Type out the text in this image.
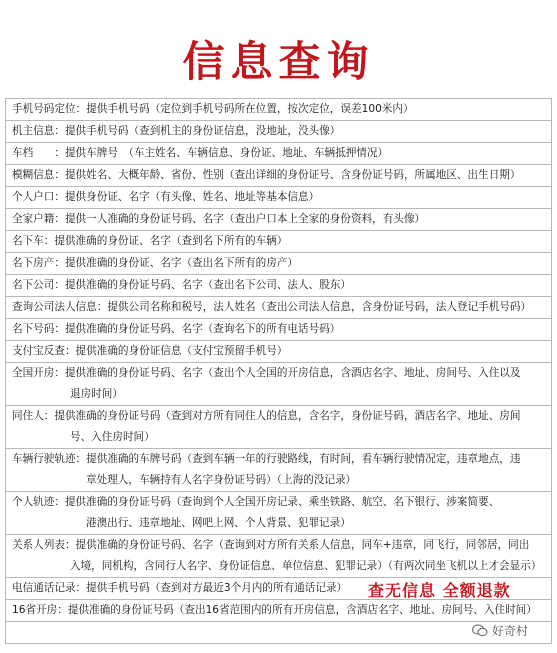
信息查询
手机号码定位：提供手机号码（定位到手机号码所在位置，按次定位，误差100米内）
机主信息：提供手机号码（查到机主的身份证信息，没地址，没头像）
车档　　：提供车牌号　（车主姓名、车辆信息、身份证、地址、车辆抵押情况）
模糊信息：提供姓名、大概年龄、省份、性别（查出详细的身份证号、含身份证号码，所属地区、出生日期）
个人户口：提供身份证、名字（有头像、姓名、地址等基本信息）
全家户籍：提供一人准确的身份证号码、名字（查出户口本上全家的身份资料，有头像）
名下车：提供准确的身份证、名字（查到名下所有的车辆）
名下房产：提供准确的身份证、名字（查出名下所有的房产）
名下公司：提供准确的身份证号码、名字（查出名下公司、法人、股东）
查询公司法人信息：提供公司名称和税号，法人姓名（查出公司法人信息，含身份证号码，法人登记手机号码）
名下号码：提供准确的身份证号码、名字（查询名下的所有电话号码）
支付宝反查：提供准确的身份证信息（支付宝预留手机号）
全国开房：提供准确的身份证号码、名字（查出个人全国的开房信息，含酒店名字、地址、房间号、入住以及

退房时间）
同住人：提供准确的身份证号码（查到对方所有同住人的信息，含名字，身份证号码，酒店名字、地址、房间

号、入住房时间）
车辆行驶轨迹：提供准确的车牌号码（查到车辆一年的行驶路线，有时间，看车辆行驶情况定，违章地点，违

章处理人，车辆持有人名字身份证号码）（上海的没记录）
个人轨迹：提供准确的身份证号码（查询到个人全国开房记录、乘坐铁路、航空、名下银行、涉案简要、

港澳出行、违章地址、网吧上网、个人背景、犯罪记录）
关系人列表：提供准确的身份证号码、名字（查询到对方所有关系人信息，同车+违章，同飞行，同邻居，同出

入境，同机构，含同行人名字、身份证信息、单位信息、犯罪记录）（有两次同坐飞机以上才会显示）
电信通话记录：提供手机号码（查到对方最近3个月内的所有通话记录）
16省开房：提供准确的身份证号码（查出16省范围内的所有开房信息，含酒店名字、地址、房间号、入住时间）
查无信息 全额退款
好奇村
